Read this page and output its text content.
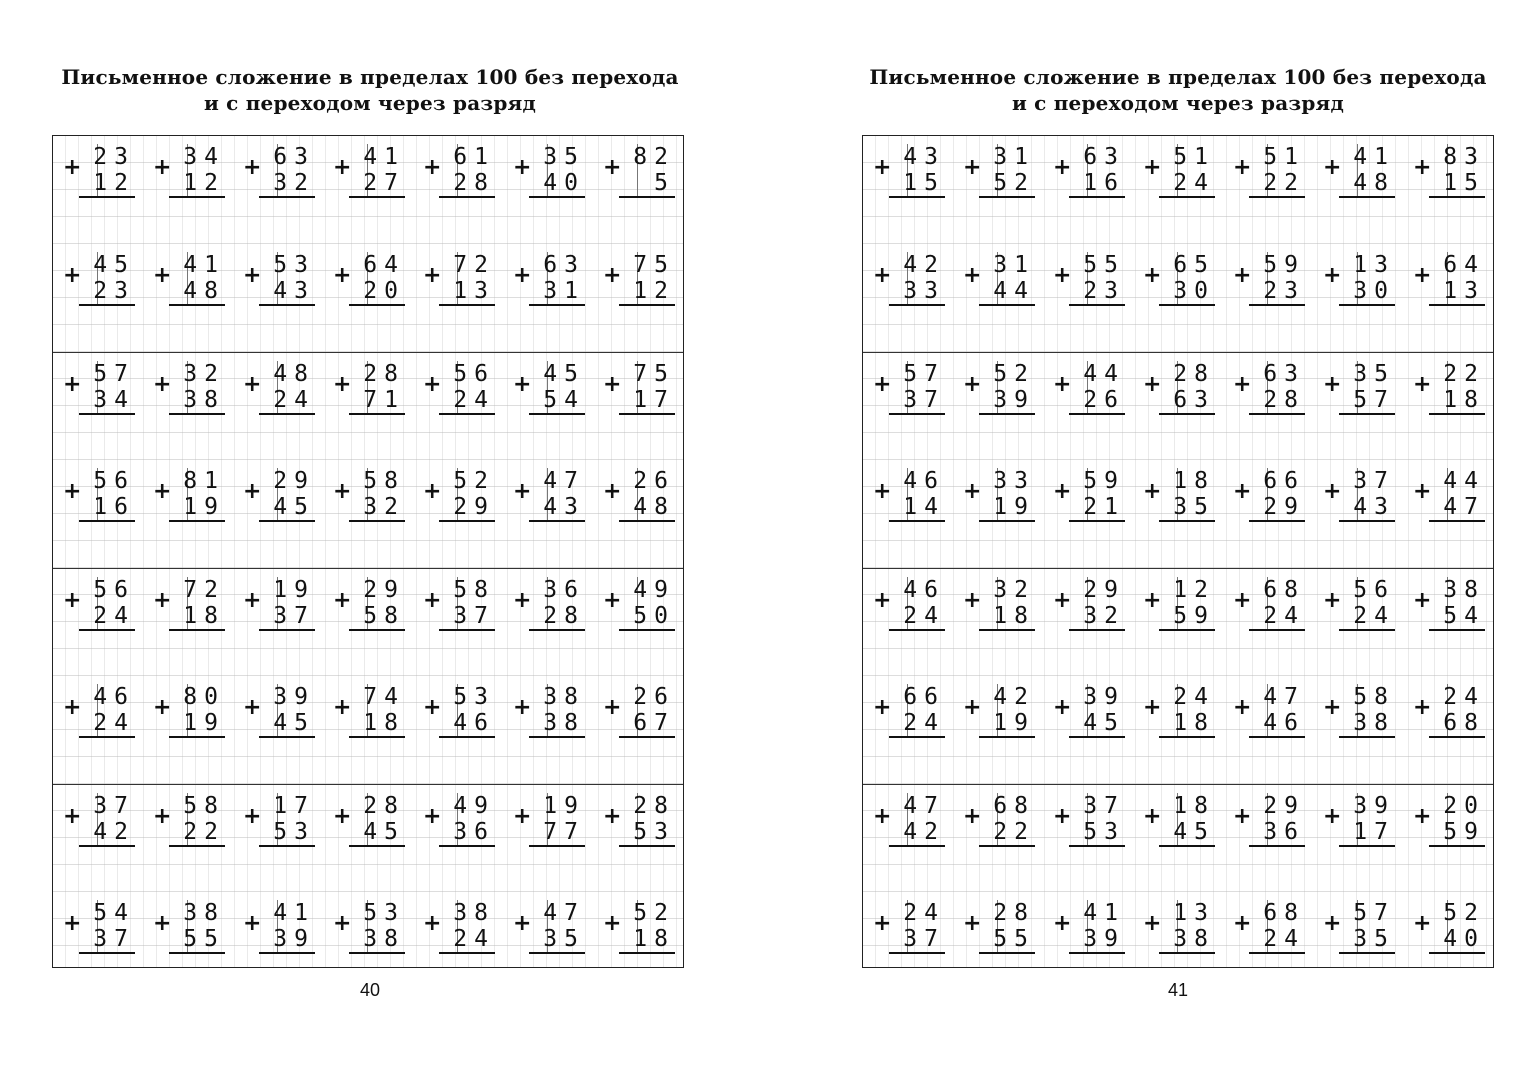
Письменное сложение в пределах 100 без перехода
и с переходом через разряд
+ 23
12
+ 34
12
+ 63
32
+ 41
27
+ 61
28
+ 35
40
+ 82
5
+ 45
23
+ 41
48
+ 53
43
+ 64
20
+ 72
13
+ 63
31
+ 75
12
+ 57
34
+ 32
38
+ 48
24
+ 28
71
+ 56
24
+ 45
54
+ 75
17
+ 56
16
+ 81
19
+ 29
45
+ 58
32
+ 52
29
+ 47
43
+ 26
48
+ 56
24
+ 72
18
+ 19
37
+ 29
58
+ 58
37
+ 36
28
+ 49
50
+ 46
24
+ 80
19
+ 39
45
+ 74
18
+ 53
46
+ 38
38
+ 26
67
+ 37
42
+ 58
22
+ 17
53
+ 28
45
+ 49
36
+ 19
77
+ 28
53
+ 54
37
+ 38
55
+ 41
39
+ 53
38
+ 38
24
+ 47
35
+ 52
18
40
Письменное сложение в пределах 100 без перехода
и с переходом через разряд
+ 43
15
+ 31
52
+ 63
16
+ 51
24
+ 51
22
+ 41
48
+ 83
15
+ 42
33
+ 31
44
+ 55
23
+ 65
30
+ 59
23
+ 13
30
+ 64
13
+ 57
37
+ 52
39
+ 44
26
+ 28
63
+ 63
28
+ 35
57
+ 22
18
+ 46
14
+ 33
19
+ 59
21
+ 18
35
+ 66
29
+ 37
43
+ 44
47
+ 46
24
+ 32
18
+ 29
32
+ 12
59
+ 68
24
+ 56
24
+ 38
54
+ 66
24
+ 42
19
+ 39
45
+ 24
18
+ 47
46
+ 58
38
+ 24
68
+ 47
42
+ 68
22
+ 37
53
+ 18
45
+ 29
36
+ 39
17
+ 20
59
+ 24
37
+ 28
55
+ 41
39
+ 13
38
+ 68
24
+ 57
35
+ 52
40
41
